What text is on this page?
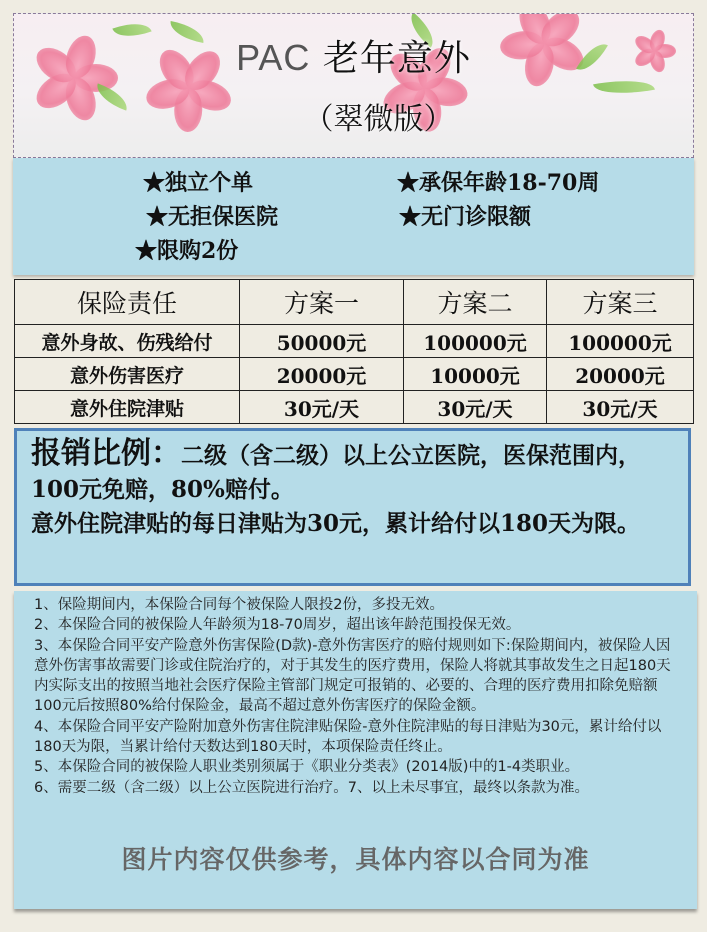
PAC 老年意外
（翠微版）
★独立个单	★承保年龄18-70周
★无拒保医院	★无门诊限额
★限购2份
保险责任	方案一	方案二	方案三
意外身故、伤残给付	50000元	100000元	100000元
意外伤害医疗	20000元	10000元	20000元
意外住院津贴	30元/天	30元/天	30元/天
报销比例：二级（含二级）以上公立医院，医保范围内，100元免赔，80%赔付。
意外住院津贴的每日津贴为30元，累计给付以180天为限。

1、保险期间内，本保险合同每个被保险人限投2份，多投无效。

2、本保险合同的被保险人年龄须为18-70周岁，超出该年龄范围投保无效。

3、本保险合同平安产险意外伤害保险(D款)-意外伤害医疗的赔付规则如下:保险期间内，被保险人因意外伤害事故需要门诊或住院治疗的，对于其发生的医疗费用，保险人将就其事故发生之日起180天内实际支出的按照当地社会医疗保险主管部门规定可报销的、必要的、合理的医疗费用扣除免赔额100元后按照80%给付保险金，最高不超过意外伤害医疗的保险金额。

4、本保险合同平安产险附加意外伤害住院津贴保险-意外住院津贴的每日津贴为30元，累计给付以180天为限，当累计给付天数达到180天时，本项保险责任终止。

5、本保险合同的被保险人职业类别须属于《职业分类表》(2014版)中的1-4类职业。

6、需要二级（含二级）以上公立医院进行治疗。7、以上未尽事宜，最终以条款为准。

图片内容仅供参考，具体内容以合同为准
